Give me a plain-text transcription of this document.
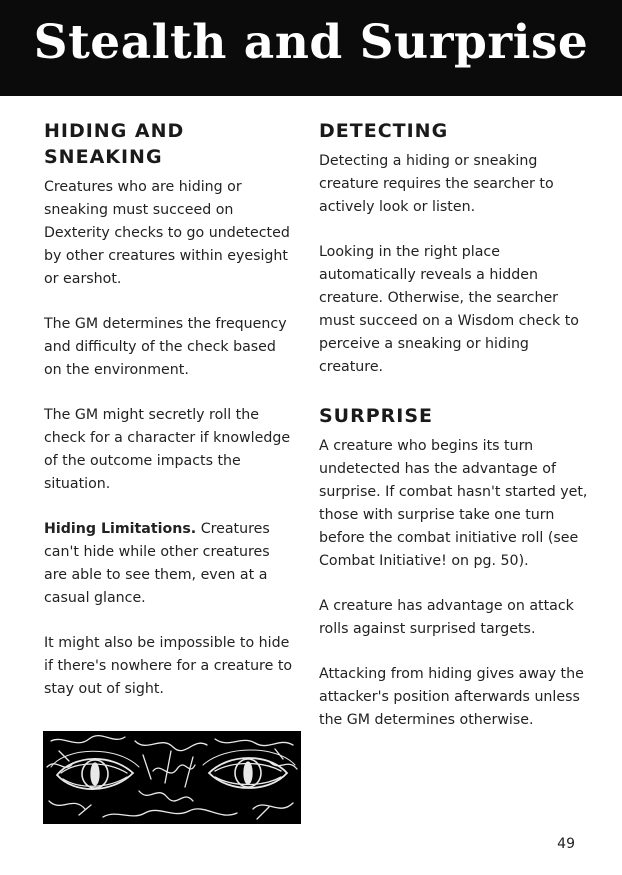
Stealth and Surprise
HIDING AND SNEAKING

Creatures who are hiding or sneaking must succeed on Dexterity checks to go undetected by other creatures within eyesight or earshot.

The GM determines the frequency and difficulty of the check based on the environment.

The GM might secretly roll the check for a character if knowledge of the outcome impacts the situation.

Hiding Limitations. Creatures can't hide while other creatures are able to see them, even at a casual glance.

It might also be impossible to hide if there's nowhere for a creature to stay out of sight.

DETECTING

Detecting a hiding or sneaking creature requires the searcher to actively look or listen.

Looking in the right place automatically reveals a hidden creature. Otherwise, the searcher must succeed on a Wisdom check to perceive a sneaking or hiding creature.

SURPRISE

A creature who begins its turn undetected has the advantage of surprise. If combat hasn't started yet, those with surprise take one turn before the combat initiative roll (see Combat Initiative! on pg. 50).

A creature has advantage on attack rolls against surprised targets.

Attacking from hiding gives away the attacker's position afterwards unless the GM determines otherwise.

49
